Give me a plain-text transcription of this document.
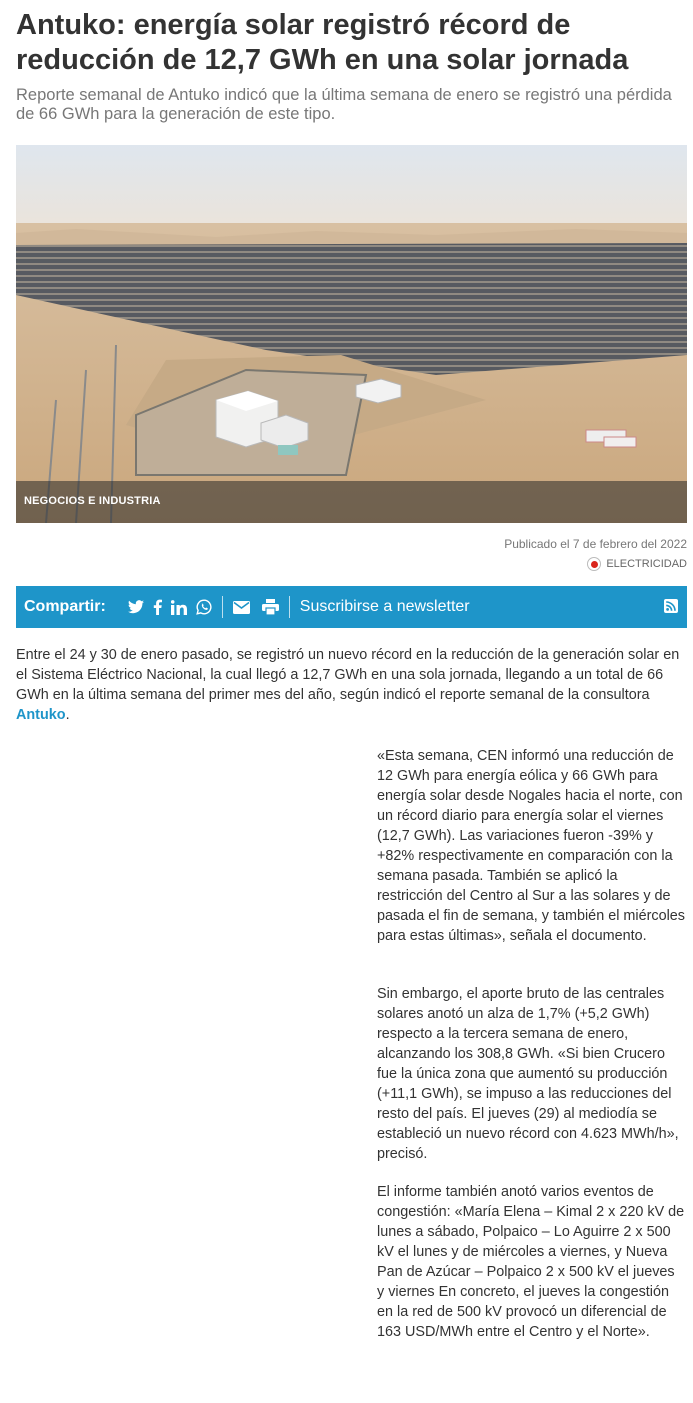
Antuko: energía solar registró récord de reducción de 12,7 GWh en una solar jornada

Reporte semanal de Antuko indicó que la última semana de enero se registró una pérdida de 66 GWh para la generación de este tipo.

NEGOCIOS E INDUSTRIA
Publicado el 7 de febrero del 2022
ELECTRICIDAD
Compartir:	Suscribirse a newsletter

Entre el 24 y 30 de enero pasado, se registró un nuevo récord en la reducción de la generación solar en el Sistema Eléctrico Nacional, la cual llegó a 12,7 GWh en una sola jornada, llegando a un total de 66 GWh en la última semana del primer mes del año, según indicó el reporte semanal de la consultora Antuko.

«Esta semana, CEN informó una reducción de 12 GWh para energía eólica y 66 GWh para energía solar desde Nogales hacia el norte, con un récord diario para energía solar el viernes (12,7 GWh). Las variaciones fueron -39% y +82% respectivamente en comparación con la semana pasada. También se aplicó la restricción del Centro al Sur a las solares y de pasada el fin de semana, y también el miércoles para estas últimas», señala el documento.

Sin embargo, el aporte bruto de las centrales solares anotó un alza de 1,7% (+5,2 GWh) respecto a la tercera semana de enero, alcanzando los 308,8 GWh. «Si bien Crucero fue la única zona que aumentó su producción (+11,1 GWh), se impuso a las reducciones del resto del país. El jueves (29) al mediodía se estableció un nuevo récord con 4.623 MWh/h», precisó.

El informe también anotó varios eventos de congestión: «María Elena – Kimal 2 x 220 kV de lunes a sábado, Polpaico – Lo Aguirre 2 x 500 kV el lunes y de miércoles a viernes, y Nueva Pan de Azúcar – Polpaico 2 x 500 kV el jueves y viernes En concreto, el jueves la congestión en la red de 500 kV provocó un diferencial de 163 USD/MWh entre el Centro y el Norte».
